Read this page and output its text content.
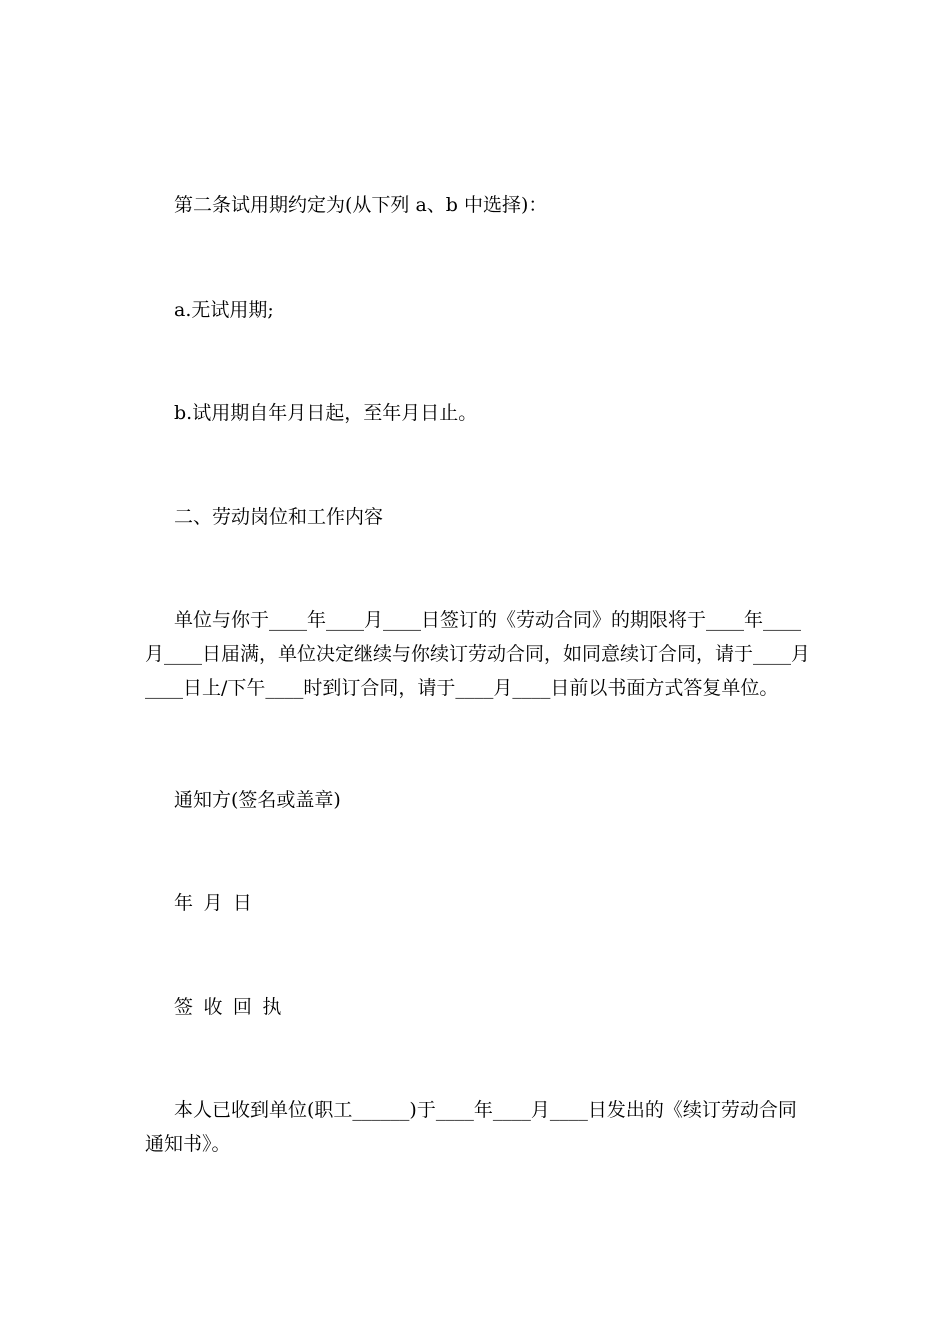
第二条试用期约定为(从下列 a、b 中选择)：

a.无试用期;

b.试用期自年月日起，至年月日止。

二、劳动岗位和工作内容

单位与你于____年____月____日签订的《劳动合同》的期限将于____年____月____日届满，单位决定继续与你续订劳动合同，如同意续订合同，请于____月____日上/下午____时到订合同，请于____月____日前以书面方式答复单位。

通知方(签名或盖章)

年月日

签收回执

本人已收到单位(职工______)于____年____月____日发出的《续订劳动合同通知书》。
